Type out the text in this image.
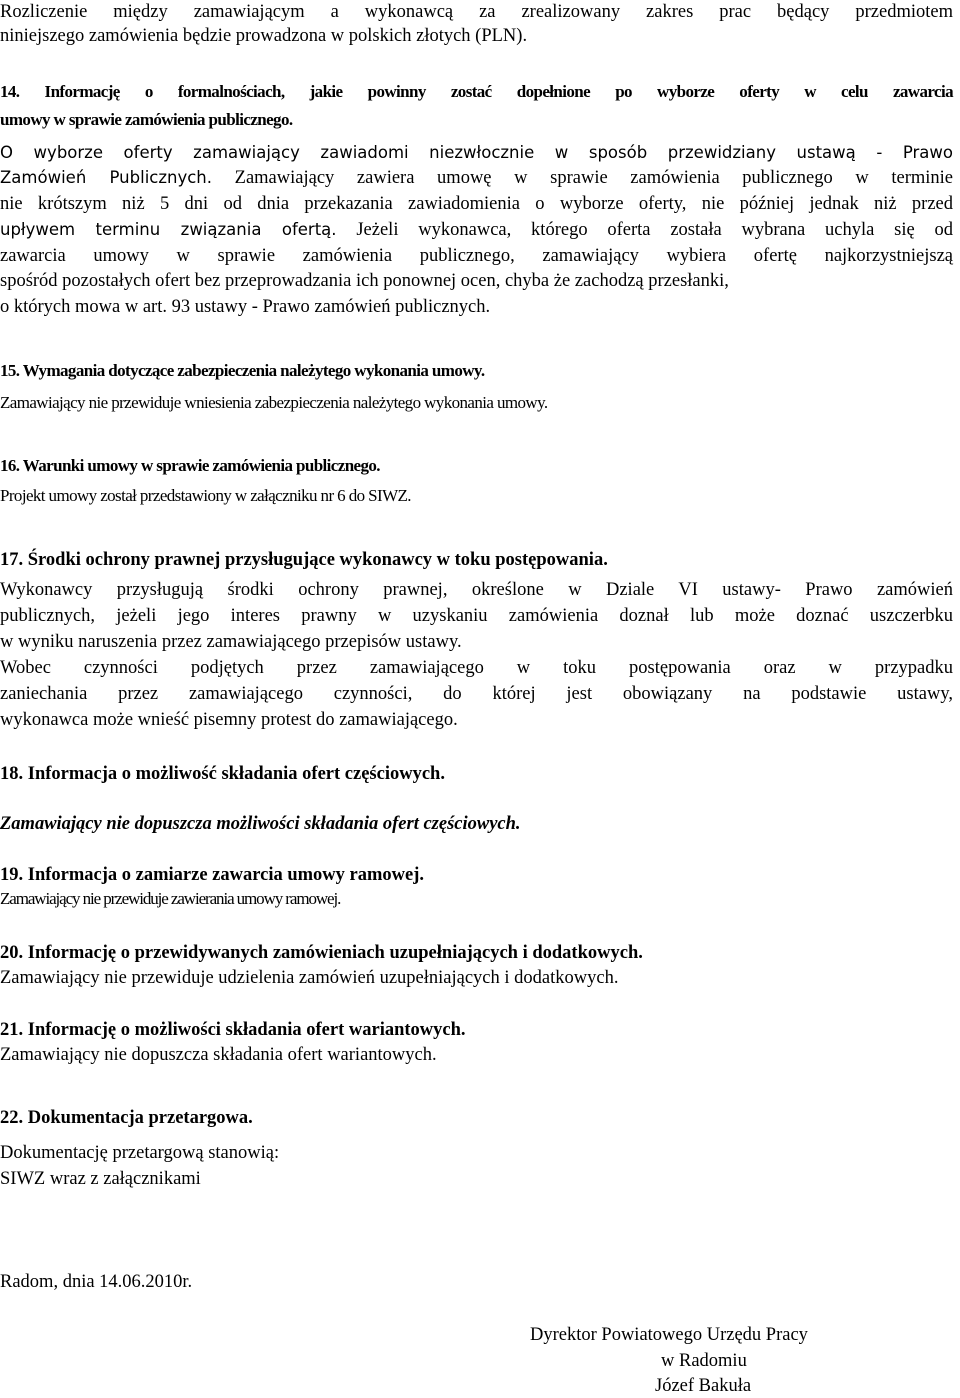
Rozliczenie między zamawiającym a wykonawcą za zrealizowany zakres prac będący przedmiotem
niniejszego zamówienia będzie prowadzona w polskich złotych (PLN).
14. Informację o formalnościach, jakie powinny zostać dopełnione po wyborze oferty w celu zawarcia
umowy w sprawie zamówienia publicznego.
O wyborze oferty zamawiający zawiadomi niezwłocznie w sposób przewidziany ustawą - Prawo
Zamówień Publicznych. Zamawiający zawiera umowę w sprawie zamówienia publicznego w terminie
nie krótszym niż 5 dni od dnia przekazania zawiadomienia o wyborze oferty, nie później jednak niż przed
upływem terminu związania ofertą. Jeżeli wykonawca, którego oferta została wybrana uchyla się od
zawarcia umowy w sprawie zamówienia publicznego, zamawiający wybiera ofertę najkorzystniejszą
spośród pozostałych ofert bez przeprowadzania ich ponownej ocen, chyba że zachodzą przesłanki,
o których mowa w art. 93 ustawy - Prawo zamówień publicznych.
15. Wymagania dotyczące zabezpieczenia należytego wykonania umowy.
Zamawiający nie przewiduje wniesienia zabezpieczenia należytego wykonania umowy.
16. Warunki umowy w sprawie zamówienia publicznego.
Projekt umowy został przedstawiony w załączniku nr 6 do SIWZ.
17. Środki ochrony prawnej przysługujące wykonawcy w toku postępowania.
Wykonawcy przysługują środki ochrony prawnej, określone w Dziale VI ustawy- Prawo zamówień
publicznych, jeżeli jego interes prawny w uzyskaniu zamówienia doznał lub może doznać uszczerbku
w wyniku naruszenia przez zamawiającego przepisów ustawy.
Wobec czynności podjętych przez zamawiającego w toku postępowania oraz w przypadku
zaniechania przez zamawiającego czynności, do której jest obowiązany na podstawie ustawy,
wykonawca może wnieść pisemny protest do zamawiającego.
18. Informacja o możliwość składania ofert częściowych.
Zamawiający nie dopuszcza możliwości składania ofert częściowych.
19. Informacja o zamiarze zawarcia umowy ramowej.
Zamawiający nie przewiduje zawierania umowy ramowej.
20. Informację o przewidywanych zamówieniach uzupełniających i dodatkowych.
Zamawiający nie przewiduje udzielenia zamówień uzupełniających i dodatkowych.
21. Informację o możliwości składania ofert wariantowych.
Zamawiający nie dopuszcza składania ofert wariantowych.
22. Dokumentacja przetargowa.
Dokumentację przetargową stanowią:
SIWZ wraz z załącznikami
Radom, dnia 14.06.2010r.
Dyrektor Powiatowego Urzędu Pracy
w Radomiu
Józef Bakuła
